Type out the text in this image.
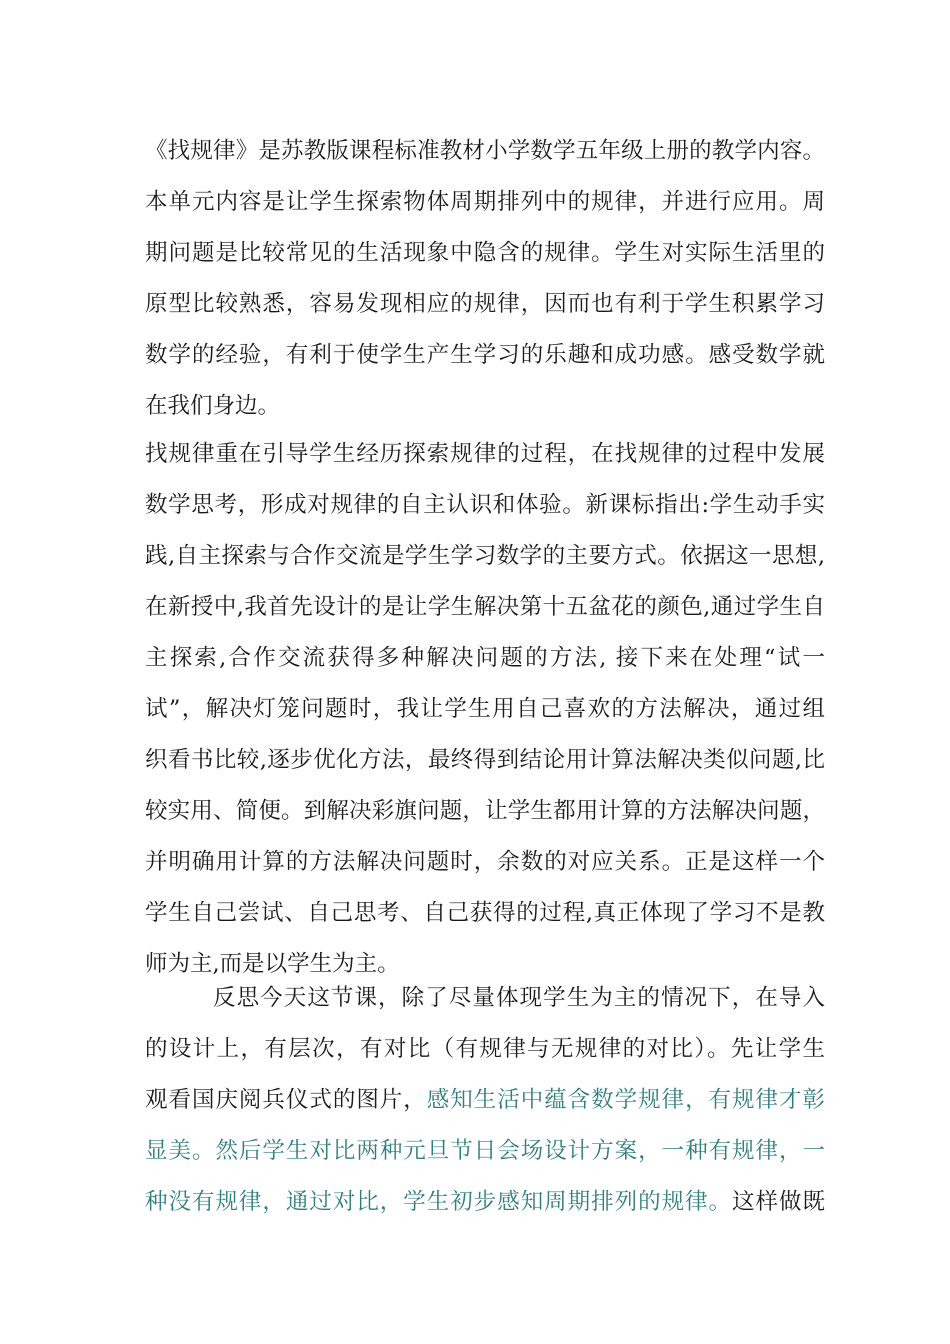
《找规律》是苏教版课程标准教材小学数学五年级上册的教学内容。
本单元内容是让学生探索物体周期排列中的规律，并进行应用。周
期问题是比较常见的生活现象中隐含的规律。学生对实际生活里的
原型比较熟悉，容易发现相应的规律，因而也有利于学生积累学习
数学的经验，有利于使学生产生学习的乐趣和成功感。感受数学就
在我们身边。
找规律重在引导学生经历探索规律的过程，在找规律的过程中发展
数学思考，形成对规律的自主认识和体验。新课标指出:学生动手实
践,自主探索与合作交流是学生学习数学的主要方式。依据这一思想,
在新授中,我首先设计的是让学生解决第十五盆花的颜色,通过学生自
主探索,合作交流获得多种解决问题的方法, 接下来在处理“试一
试”，解决灯笼问题时，我让学生用自己喜欢的方法解决，通过组
织看书比较,逐步优化方法，最终得到结论用计算法解决类似问题,比
较实用、简便。到解决彩旗问题，让学生都用计算的方法解决问题，
并明确用计算的方法解决问题时，余数的对应关系。正是这样一个
学生自己尝试、自己思考、自己获得的过程,真正体现了学习不是教
师为主,而是以学生为主。
反思今天这节课，除了尽量体现学生为主的情况下，在导入
的设计上，有层次，有对比（有规律与无规律的对比）。先让学生
观看国庆阅兵仪式的图片，感知生活中蕴含数学规律，有规律才彰
显美。然后学生对比两种元旦节日会场设计方案，一种有规律，一
种没有规律，通过对比，学生初步感知周期排列的规律。这样做既
